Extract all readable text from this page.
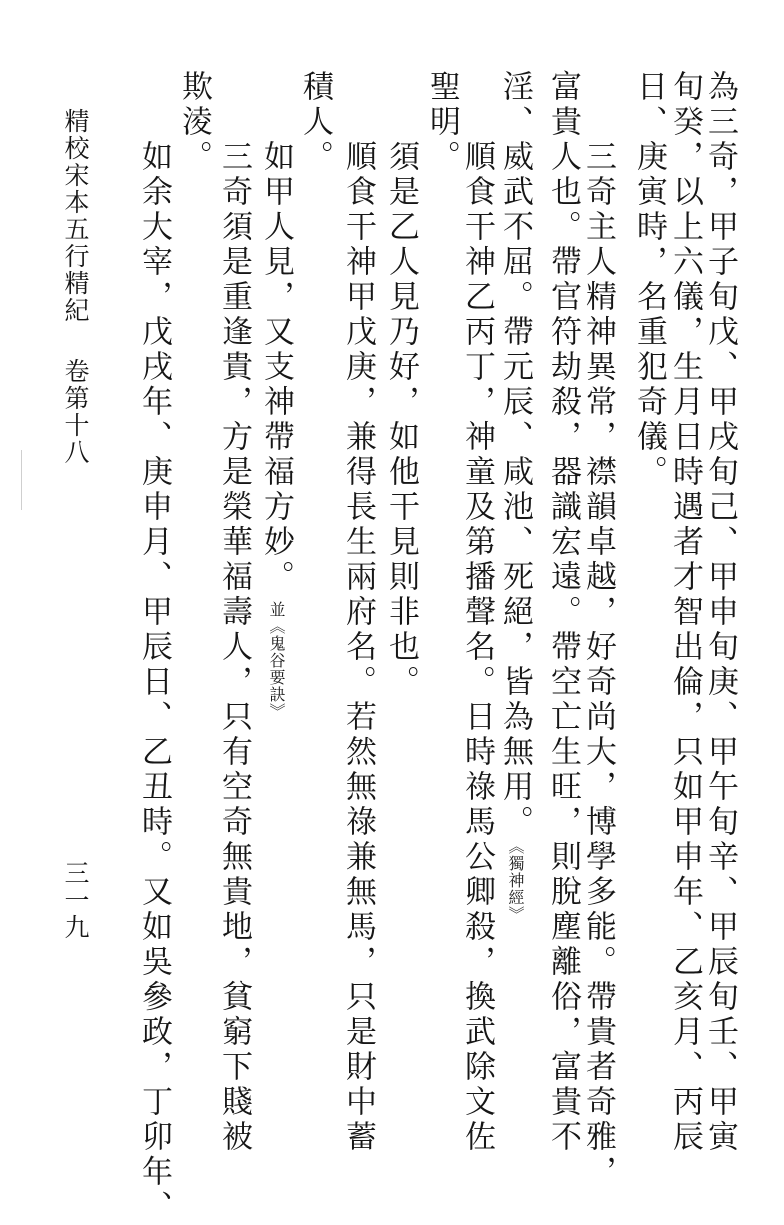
為三奇，甲子旬戊、甲戌旬己、甲申旬庚、甲午旬辛、甲辰旬壬、甲寅
旬癸，以上六儀，生月日時遇者才智出倫，只如甲申年、乙亥月、丙辰
日、庚寅時，名重犯奇儀。
三奇主人精神異常，襟韻卓越，好奇尚大，博學多能。帶貴者奇雅，
富貴人也。帶官符劫殺，器識宏遠。帶空亡生旺，則脫塵離俗，富貴不
淫、威武不屈。帶元辰、咸池、死絕，皆為無用。《獨神經》
順食干神乙丙丁，神童及第播聲名。日時祿馬公卿殺，換武除文佐
聖明。
須是乙人見乃好，如他干見則非也。
順食干神甲戊庚，兼得長生兩府名。若然無祿兼無馬，只是財中蓄
積人。
如甲人見，又支神帶福方妙。並《鬼谷要訣》
三奇須是重逢貴，方是榮華福壽人，只有空奇無貴地，貧窮下賤被
欺淩。
如余大宰，戊戌年、庚申月、甲辰日、乙丑時。又如吳參政，丁卯年、
精校宋本五行精紀卷第十八
三一九
